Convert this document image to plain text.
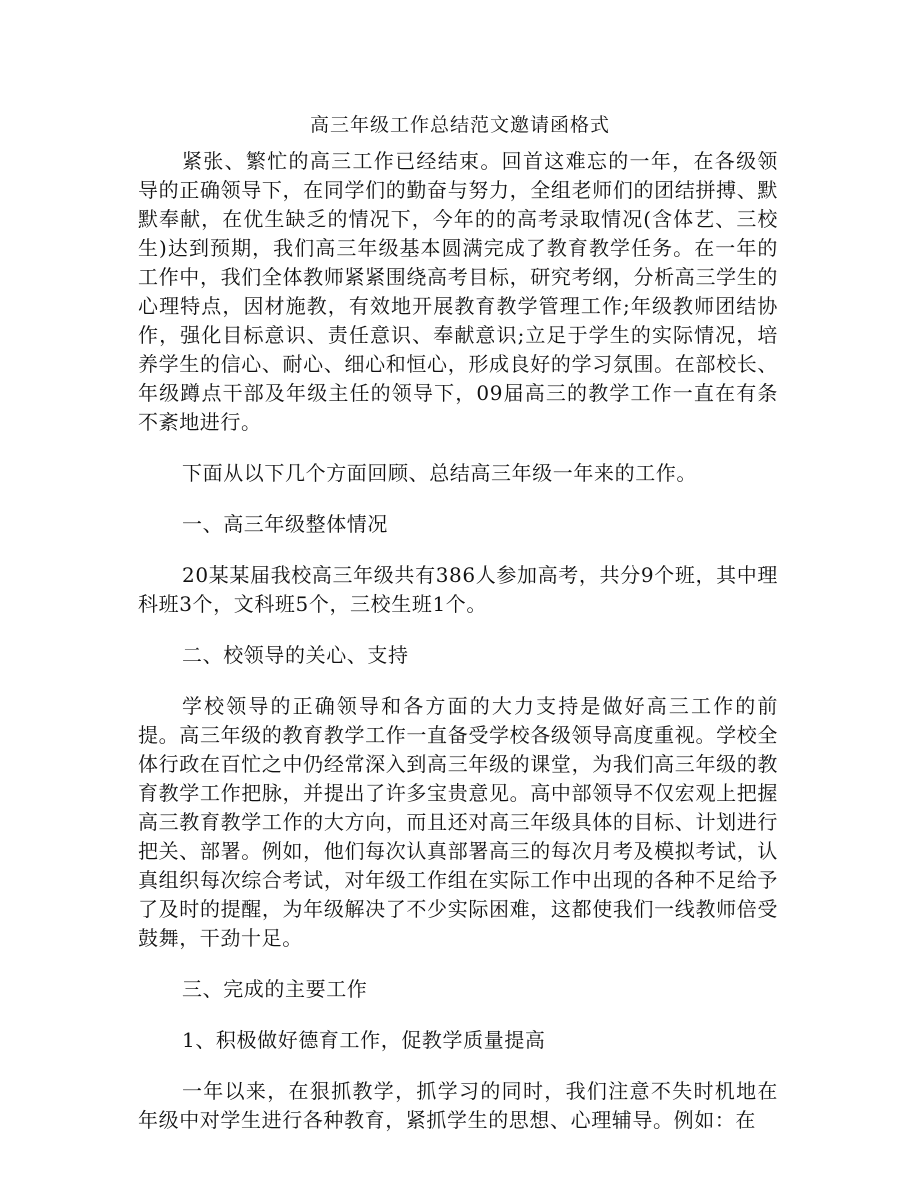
高三年级工作总结范文邀请函格式

紧张、繁忙的高三工作已经结束。回首这难忘的一年，在各级领导的正确领导下，在同学们的勤奋与努力，全组老师们的团结拼搏、默默奉献，在优生缺乏的情况下，今年的的高考录取情况(含体艺、三校生)达到预期，我们高三年级基本圆满完成了教育教学任务。在一年的工作中，我们全体教师紧紧围绕高考目标，研究考纲，分析高三学生的心理特点，因材施教，有效地开展教育教学管理工作;年级教师团结协作，强化目标意识、责任意识、奉献意识;立足于学生的实际情况，培养学生的信心、耐心、细心和恒心，形成良好的学习氛围。在部校长、年级蹲点干部及年级主任的领导下，09届高三的教学工作一直在有条不紊地进行。

下面从以下几个方面回顾、总结高三年级一年来的工作。

一、高三年级整体情况

20某某届我校高三年级共有386人参加高考，共分9个班，其中理科班3个，文科班5个，三校生班1个。

二、校领导的关心、支持

学校领导的正确领导和各方面的大力支持是做好高三工作的前提。高三年级的教育教学工作一直备受学校各级领导高度重视。学校全体行政在百忙之中仍经常深入到高三年级的课堂，为我们高三年级的教育教学工作把脉，并提出了许多宝贵意见。高中部领导不仅宏观上把握高三教育教学工作的大方向，而且还对高三年级具体的目标、计划进行把关、部署。例如，他们每次认真部署高三的每次月考及模拟考试，认真组织每次综合考试，对年级工作组在实际工作中出现的各种不足给予了及时的提醒，为年级解决了不少实际困难，这都使我们一线教师倍受鼓舞，干劲十足。

三、完成的主要工作

1、积极做好德育工作，促教学质量提高

一年以来，在狠抓教学，抓学习的同时，我们注意不失时机地在年级中对学生进行各种教育，紧抓学生的思想、心理辅导。例如：在
